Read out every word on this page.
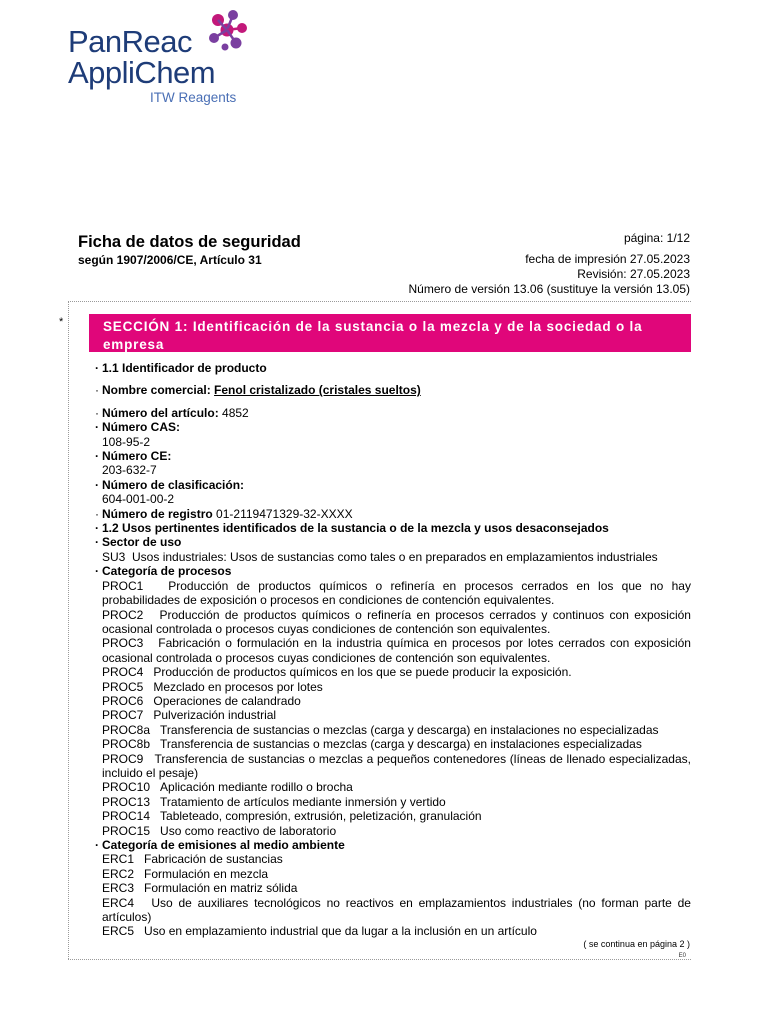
PanReac
AppliChem
ITW Reagents
Ficha de datos de seguridad
según 1907/2006/CE, Artículo 31
página: 1/12
fecha de impresión 27.05.2023
Revisión: 27.05.2023
Número de versión 13.06 (sustituye la versión 13.05)
*	SECCIÓN 1: Identificación de la sustancia o la mezcla y de la sociedad o la empresa
· 1.1 Identificador de producto
· Nombre comercial: Fenol cristalizado (cristales sueltos)
· Número del artículo: 4852
· Número CAS:
108-95-2
· Número CE:
203-632-7
· Número de clasificación:
604-001-00-2
· Número de registro 01-2119471329-32-XXXX
· 1.2 Usos pertinentes identificados de la sustancia o de la mezcla y usos desaconsejados
· Sector de uso
SU3 Usos industriales: Usos de sustancias como tales o en preparados en emplazamientos industriales
· Categoría de procesos
PROC1 Producción de productos químicos o refinería en procesos cerrados en los que no hay probabilidades de exposición o procesos en condiciones de contención equivalentes.
PROC2 Producción de productos químicos o refinería en procesos cerrados y continuos con exposición ocasional controlada o procesos cuyas condiciones de contención son equivalentes.
PROC3 Fabricación o formulación en la industria química en procesos por lotes cerrados con exposición ocasional controlada o procesos cuyas condiciones de contención son equivalentes.
PROC4 Producción de productos químicos en los que se puede producir la exposición.
PROC5 Mezclado en procesos por lotes
PROC6 Operaciones de calandrado
PROC7 Pulverización industrial
PROC8a Transferencia de sustancias o mezclas (carga y descarga) en instalaciones no especializadas
PROC8b Transferencia de sustancias o mezclas (carga y descarga) en instalaciones especializadas
PROC9 Transferencia de sustancias o mezclas a pequeños contenedores (líneas de llenado especializadas, incluido el pesaje)
PROC10 Aplicación mediante rodillo o brocha
PROC13 Tratamiento de artículos mediante inmersión y vertido
PROC14 Tableteado, compresión, extrusión, peletización, granulación
PROC15 Uso como reactivo de laboratorio
· Categoría de emisiones al medio ambiente
ERC1 Fabricación de sustancias
ERC2 Formulación en mezcla
ERC3 Formulación en matriz sólida
ERC4 Uso de auxiliares tecnológicos no reactivos en emplazamientos industriales (no forman parte de artículos)
ERC5 Uso en emplazamiento industrial que da lugar a la inclusión en un artículo
( se continua en página 2 )
E0
